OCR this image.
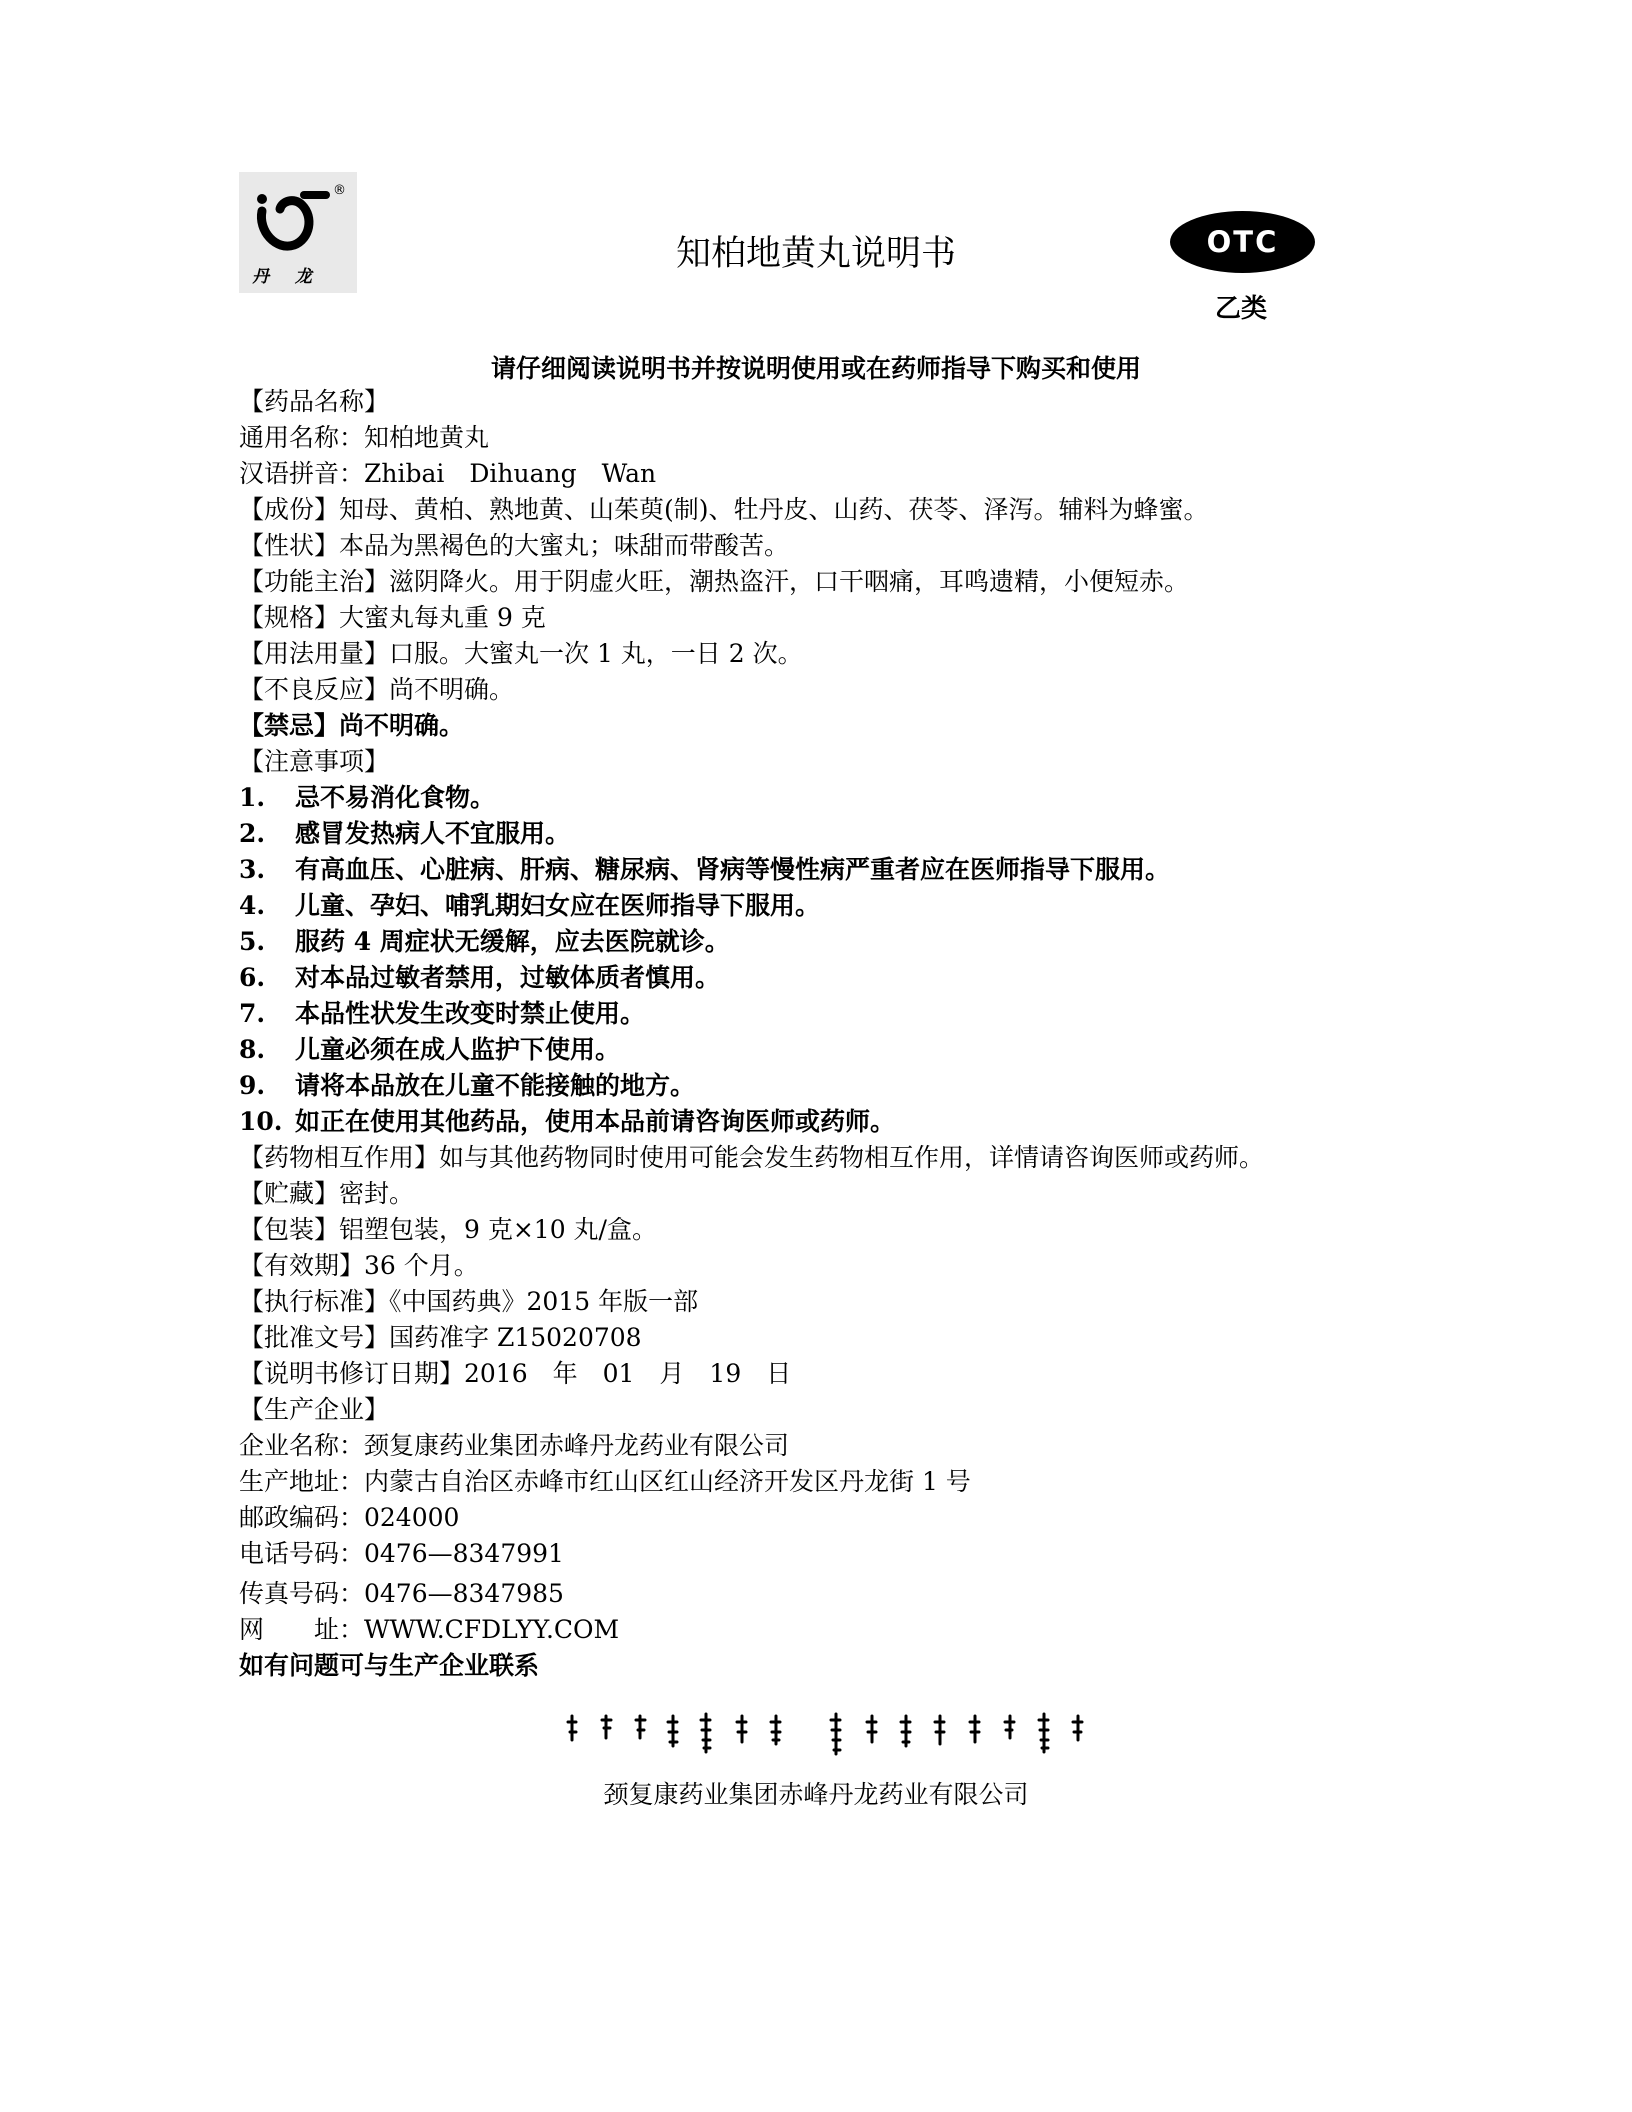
®
丹 龙
知柏地黄丸说明书	OTC
乙类
请仔细阅读说明书并按说明使用或在药师指导下购买和使用
【药品名称】
通用名称：知柏地黄丸
汉语拼音：Zhibai　Dihuang　Wan
【成份】知母、黄柏、熟地黄、山茱萸(制)、牡丹皮、山药、茯苓、泽泻。辅料为蜂蜜。
【性状】本品为黑褐色的大蜜丸；味甜而带酸苦。
【功能主治】滋阴降火。用于阴虚火旺，潮热盗汗，口干咽痛，耳鸣遗精，小便短赤。
【规格】大蜜丸每丸重 9 克
【用法用量】口服。大蜜丸一次 1 丸，一日 2 次。
【不良反应】尚不明确。
【禁忌】尚不明确。
【注意事项】
1. 忌不易消化食物。
2. 感冒发热病人不宜服用。
3. 有高血压、心脏病、肝病、糖尿病、肾病等慢性病严重者应在医师指导下服用。
4. 儿童、孕妇、哺乳期妇女应在医师指导下服用。
5. 服药 4 周症状无缓解，应去医院就诊。
6. 对本品过敏者禁用，过敏体质者慎用。
7. 本品性状发生改变时禁止使用。
8. 儿童必须在成人监护下使用。
9. 请将本品放在儿童不能接触的地方。
10. 如正在使用其他药品，使用本品前请咨询医师或药师。
【药物相互作用】如与其他药物同时使用可能会发生药物相互作用，详情请咨询医师或药师。
【贮藏】密封。
【包装】铝塑包装，9 克×10 丸/盒。
【有效期】36 个月。
【执行标准】《中国药典》2015 年版一部
【批准文号】国药准字 Z15020708
【说明书修订日期】2016　年　01　月　19　日
【生产企业】
企业名称：颈复康药业集团赤峰丹龙药业有限公司
生产地址：内蒙古自治区赤峰市红山区红山经济开发区丹龙街 1 号
邮政编码：024000
电话号码：0476—8347991
传真号码：0476—8347985
网　　址：WWW.CFDLYY.COM
如有问题可与生产企业联系
颈复康药业集团赤峰丹龙药业有限公司
